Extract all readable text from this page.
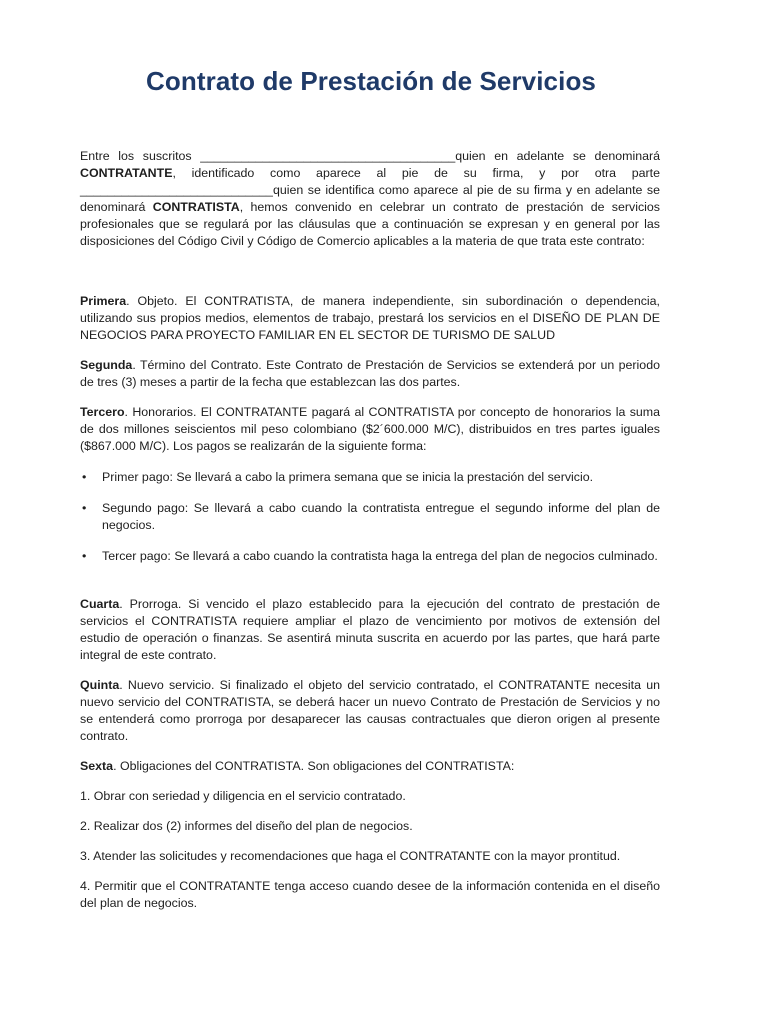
Contrato de Prestación de Servicios

Entre los suscritos _____________________________________quien en adelante se denominará CONTRATANTE, identificado como aparece al pie de su firma, y por otra parte ____________________________quien se identifica como aparece al pie de su firma y en adelante se denominará CONTRATISTA, hemos convenido en celebrar un contrato de prestación de servicios profesionales que se regulará por las cláusulas que a continuación se expresan y en general por las disposiciones del Código Civil y Código de Comercio aplicables a la materia de que trata este contrato:

Primera. Objeto. El CONTRATISTA, de manera independiente, sin subordinación o dependencia, utilizando sus propios medios, elementos de trabajo, prestará los servicios en el DISEÑO DE PLAN DE NEGOCIOS PARA PROYECTO FAMILIAR EN EL SECTOR DE TURISMO DE SALUD

Segunda. Término del Contrato. Este Contrato de Prestación de Servicios se extenderá por un periodo de tres (3) meses a partir de la fecha que establezcan las dos partes.

Tercero. Honorarios. El CONTRATANTE pagará al CONTRATISTA por concepto de honorarios la suma de dos millones seiscientos mil peso colombiano ($2´600.000 M/C), distribuidos en tres partes iguales ($867.000 M/C). Los pagos se realizarán de la siguiente forma:

• Primer pago: Se llevará a cabo la primera semana que se inicia la prestación del servicio.
• Segundo pago: Se llevará a cabo cuando la contratista entregue el segundo informe del plan de negocios.
• Tercer pago: Se llevará a cabo cuando la contratista haga la entrega del plan de negocios culminado.

Cuarta. Prorroga. Si vencido el plazo establecido para la ejecución del contrato de prestación de servicios el CONTRATISTA requiere ampliar el plazo de vencimiento por motivos de extensión del estudio de operación o finanzas. Se asentirá minuta suscrita en acuerdo por las partes, que hará parte integral de este contrato.

Quinta. Nuevo servicio. Si finalizado el objeto del servicio contratado, el CONTRATANTE necesita un nuevo servicio del CONTRATISTA, se deberá hacer un nuevo Contrato de Prestación de Servicios y no se entenderá como prorroga por desaparecer las causas contractuales que dieron origen al presente contrato.

Sexta. Obligaciones del CONTRATISTA. Son obligaciones del CONTRATISTA:

1. Obrar con seriedad y diligencia en el servicio contratado.

2. Realizar dos (2) informes del diseño del plan de negocios.

3. Atender las solicitudes y recomendaciones que haga el CONTRATANTE con la mayor prontitud.

4. Permitir que el CONTRATANTE tenga acceso cuando desee de la información contenida en el diseño del plan de negocios.
